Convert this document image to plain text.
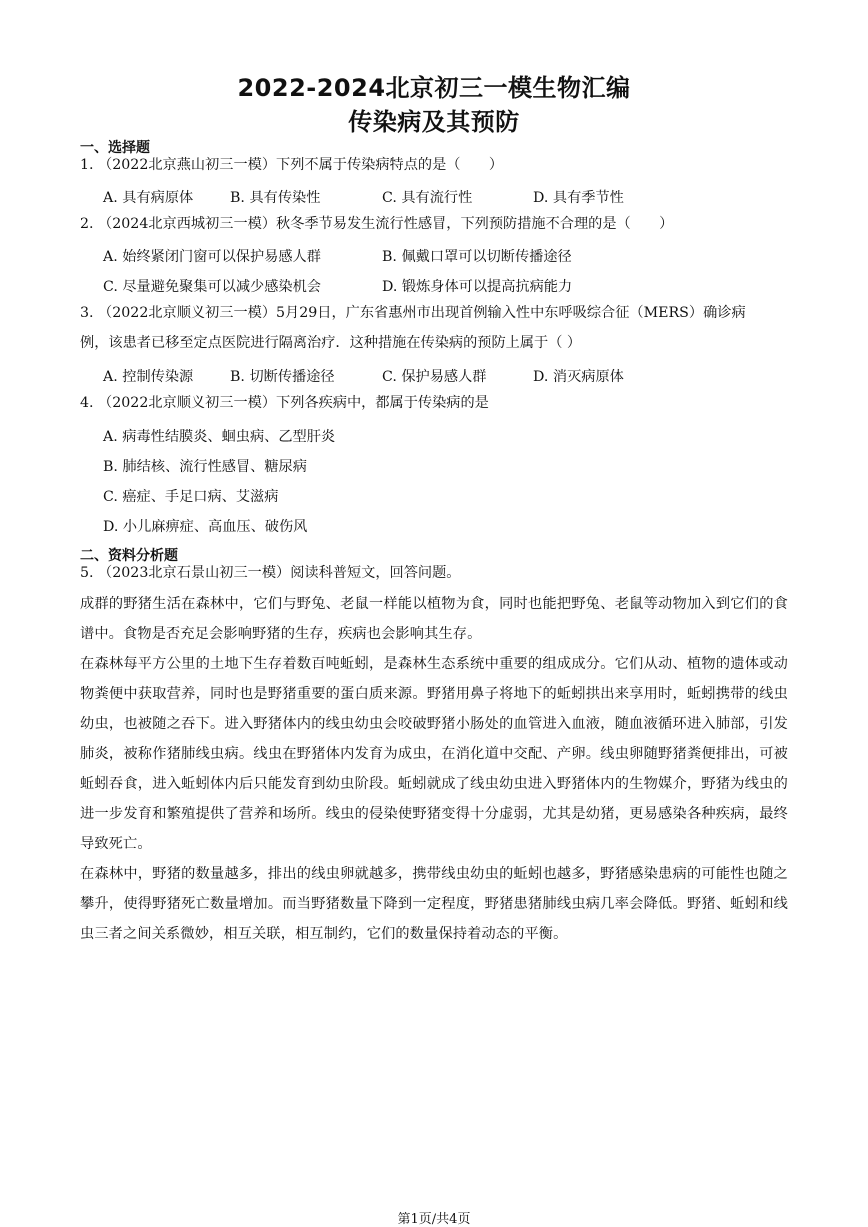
2022-2024北京初三一模生物汇编
传染病及其预防
一、选择题
1. （2022北京燕山初三一模）下列不属于传染病特点的是（　　）
A. 具有病原体	B. 具有传染性	C. 具有流行性	D. 具有季节性
2. （2024北京西城初三一模）秋冬季节易发生流行性感冒，下列预防措施不合理的是（　　）
A. 始终紧闭门窗可以保护易感人群	B. 佩戴口罩可以切断传播途径
C. 尽量避免聚集可以减少感染机会	D. 锻炼身体可以提高抗病能力
3. （2022北京顺义初三一模）5月29日，广东省惠州市出现首例输入性中东呼吸综合征（MERS）确诊病
例，该患者已移至定点医院进行隔离治疗．这种措施在传染病的预防上属于（ ）
A. 控制传染源	B. 切断传播途径	C. 保护易感人群	D. 消灭病原体
4. （2022北京顺义初三一模）下列各疾病中，都属于传染病的是
A. 病毒性结膜炎、蛔虫病、乙型肝炎
B. 肺结核、流行性感冒、糖尿病
C. 癌症、手足口病、艾滋病
D. 小儿麻痹症、高血压、破伤风
二、资料分析题
5. （2023北京石景山初三一模）阅读科普短文，回答问题。

成群的野猪生活在森林中，它们与野兔、老鼠一样能以植物为食，同时也能把野兔、老鼠等动物加入到它们的食谱中。食物是否充足会影响野猪的生存，疾病也会影响其生存。

在森林每平方公里的土地下生存着数百吨蚯蚓，是森林生态系统中重要的组成成分。它们从动、植物的遗体或动物粪便中获取营养，同时也是野猪重要的蛋白质来源。野猪用鼻子将地下的蚯蚓拱出来享用时，蚯蚓携带的线虫幼虫，也被随之吞下。进入野猪体内的线虫幼虫会咬破野猪小肠处的血管进入血液，随血液循环进入肺部，引发肺炎，被称作猪肺线虫病。线虫在野猪体内发育为成虫，在消化道中交配、产卵。线虫卵随野猪粪便排出，可被蚯蚓吞食，进入蚯蚓体内后只能发育到幼虫阶段。蚯蚓就成了线虫幼虫进入野猪体内的生物媒介，野猪为线虫的进一步发育和繁殖提供了营养和场所。线虫的侵染使野猪变得十分虚弱，尤其是幼猪，更易感染各种疾病，最终导致死亡。

在森林中，野猪的数量越多，排出的线虫卵就越多，携带线虫幼虫的蚯蚓也越多，野猪感染患病的可能性也随之攀升，使得野猪死亡数量增加。而当野猪数量下降到一定程度，野猪患猪肺线虫病几率会降低。野猪、蚯蚓和线虫三者之间关系微妙，相互关联，相互制约，它们的数量保持着动态的平衡。

第1页/共4页
